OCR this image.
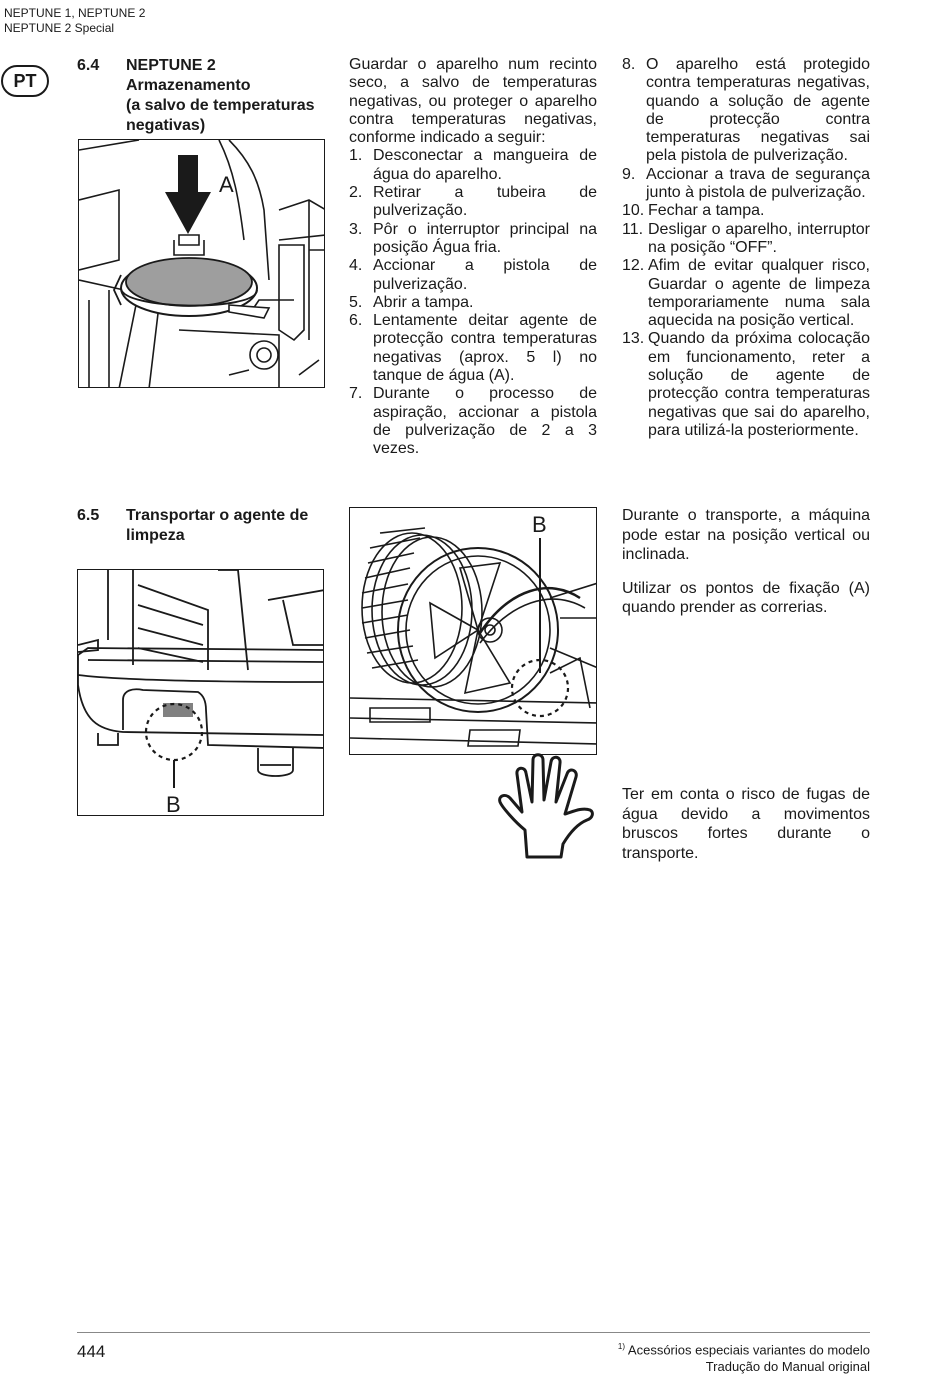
NEPTUNE 1, NEPTUNE 2
NEPTUNE 2 Special
PT
6.4 NEPTUNE 2
Armazenamento
(a salvo de temperaturas
negativas)
A

Guardar o aparelho num recinto seco, a salvo de temperaturas negativas, ou proteger o aparelho contra temperaturas negativas, conforme indicado a seguir:

1. Desconectar a mangueira de água do aparelho.
2. Retirar a tubeira de pulverização.
3. Pôr o interruptor principal na posição Água fria.
4. Accionar a pistola de pulverização.
5. Abrir a tampa.
6. Lentamente deitar agente de protecção contra temperaturas negativas (aprox. 5 l) no tanque de água (A).
7. Durante o processo de aspiração, accionar a pistola de pulverização de 2 a 3 vezes.
8. O aparelho está protegido contra temperaturas negativas, quando a solução de agente de protecção contra temperaturas negativas sai pela pistola de pulverização.
9. Accionar a trava de segurança junto à pistola de pulverização.
10. Fechar a tampa.
11. Desligar o aparelho, interruptor na posição “OFF”.
12. Afim de evitar qualquer risco, Guardar o agente de limpeza temporariamente numa sala aquecida na posição vertical.
13. Quando da próxima colocação em funcionamento, reter a solução de agente de protecção contra temperaturas negativas que sai do aparelho, para utilizá-la posteriormente.
6.5 Transportar o agente de
limpeza
B
B	Durante o transporte, a máquina pode estar na posição vertical ou inclinada.

Utilizar os pontos de fixação (A) quando prender as correrias.

Ter em conta o risco de fugas de água devido a movimentos bruscos fortes durante o transporte.

444	$^{1)}$ Acessórios especiais variantes do modelo
Tradução do Manual original
